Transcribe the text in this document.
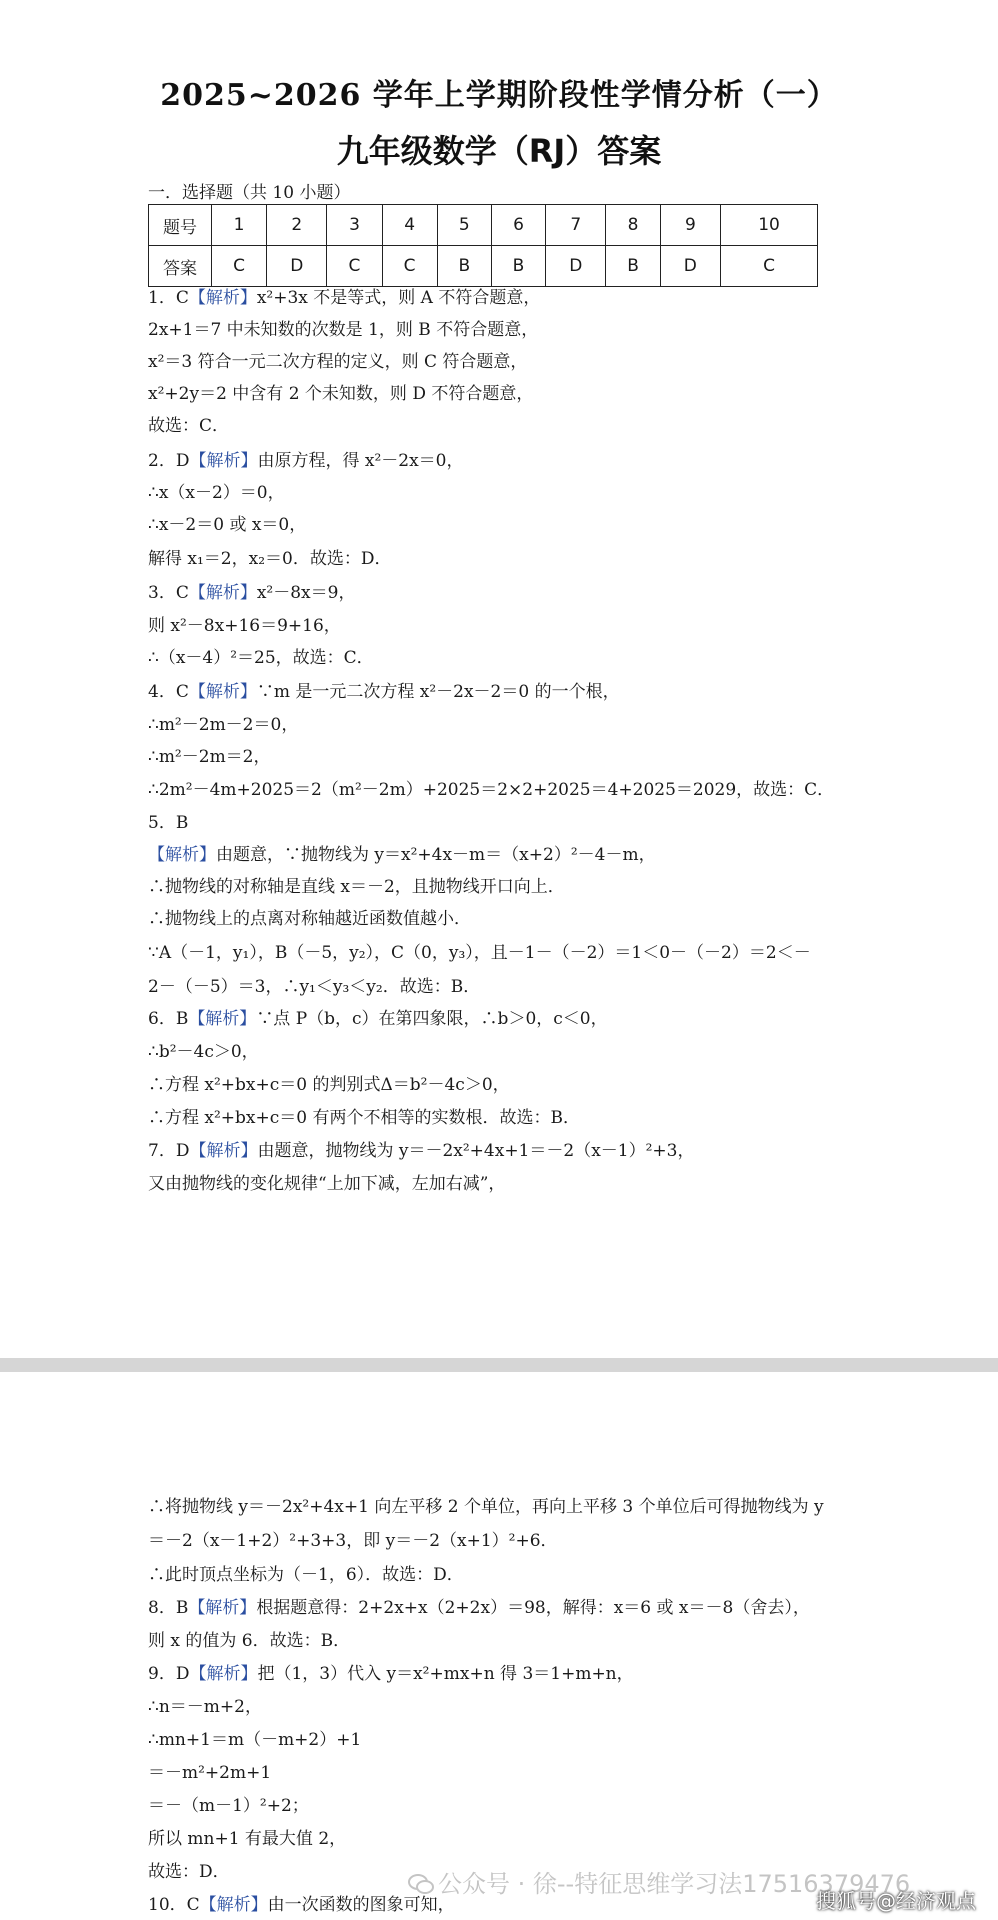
2025~2026 学年上学期阶段性学情分析（一）
九年级数学（RJ）答案
一．选择题（共 10 小题）
题号	1	2	3	4	5	6	7	8	9	10
答案	C	D	C	C	B	B	D	B	D	C
1．C【解析】x²+3x 不是等式，则 A 不符合题意，
2x+1＝7 中未知数的次数是 1，则 B 不符合题意，
x²＝3 符合一元二次方程的定义，则 C 符合题意，
x²+2y＝2 中含有 2 个未知数，则 D 不符合题意，
故选：C．
2．D【解析】由原方程，得 x²－2x＝0，
∴x（x－2）＝0，
∴x－2＝0 或 x＝0，
解得 x₁＝2，x₂＝0．故选：D．
3．C【解析】x²－8x＝9，
则 x²－8x+16＝9+16，
∴（x－4）²＝25，故选：C．
4．C【解析】∵m 是一元二次方程 x²－2x－2＝0 的一个根，
∴m²－2m－2＝0，
∴m²－2m＝2，
∴2m²－4m+2025＝2（m²－2m）+2025＝2×2+2025＝4+2025＝2029，故选：C．
5．B
【解析】由题意，∵抛物线为 y＝x²+4x－m＝（x+2）²－4－m，
∴抛物线的对称轴是直线 x＝－2，且抛物线开口向上．
∴抛物线上的点离对称轴越近函数值越小．
∵A（－1，y₁），B（－5，y₂），C（0，y₃），且－1－（－2）＝1＜0－（－2）＝2＜－
2－（－5）＝3，∴y₁＜y₃＜y₂．故选：B．
6．B【解析】∵点 P（b，c）在第四象限，∴b＞0，c＜0，
∴b²－4c＞0，
∴方程 x²+bx+c＝0 的判别式Δ＝b²－4c＞0，
∴方程 x²+bx+c＝0 有两个不相等的实数根．故选：B．
7．D【解析】由题意，抛物线为 y＝－2x²+4x+1＝－2（x－1）²+3，
又由抛物线的变化规律“上加下减，左加右减”，
∴将抛物线 y＝－2x²+4x+1 向左平移 2 个单位，再向上平移 3 个单位后可得抛物线为 y
＝－2（x－1+2）²+3+3，即 y＝－2（x+1）²+6．
∴此时顶点坐标为（－1，6）．故选：D．
8．B【解析】根据题意得：2+2x+x（2+2x）＝98，解得：x＝6 或 x＝－8（舍去），
则 x 的值为 6．故选：B．
9．D【解析】把（1，3）代入 y＝x²+mx+n 得 3＝1+m+n，
∴n＝－m+2，
∴mn+1＝m（－m+2）+1
＝－m²+2m+1
＝－（m－1）²+2；
所以 mn+1 有最大值 2，
故选：D．
10．C【解析】由一次函数的图象可知，
公众号 · 徐--特征思维学习法17516379476
搜狐号@经济观点
